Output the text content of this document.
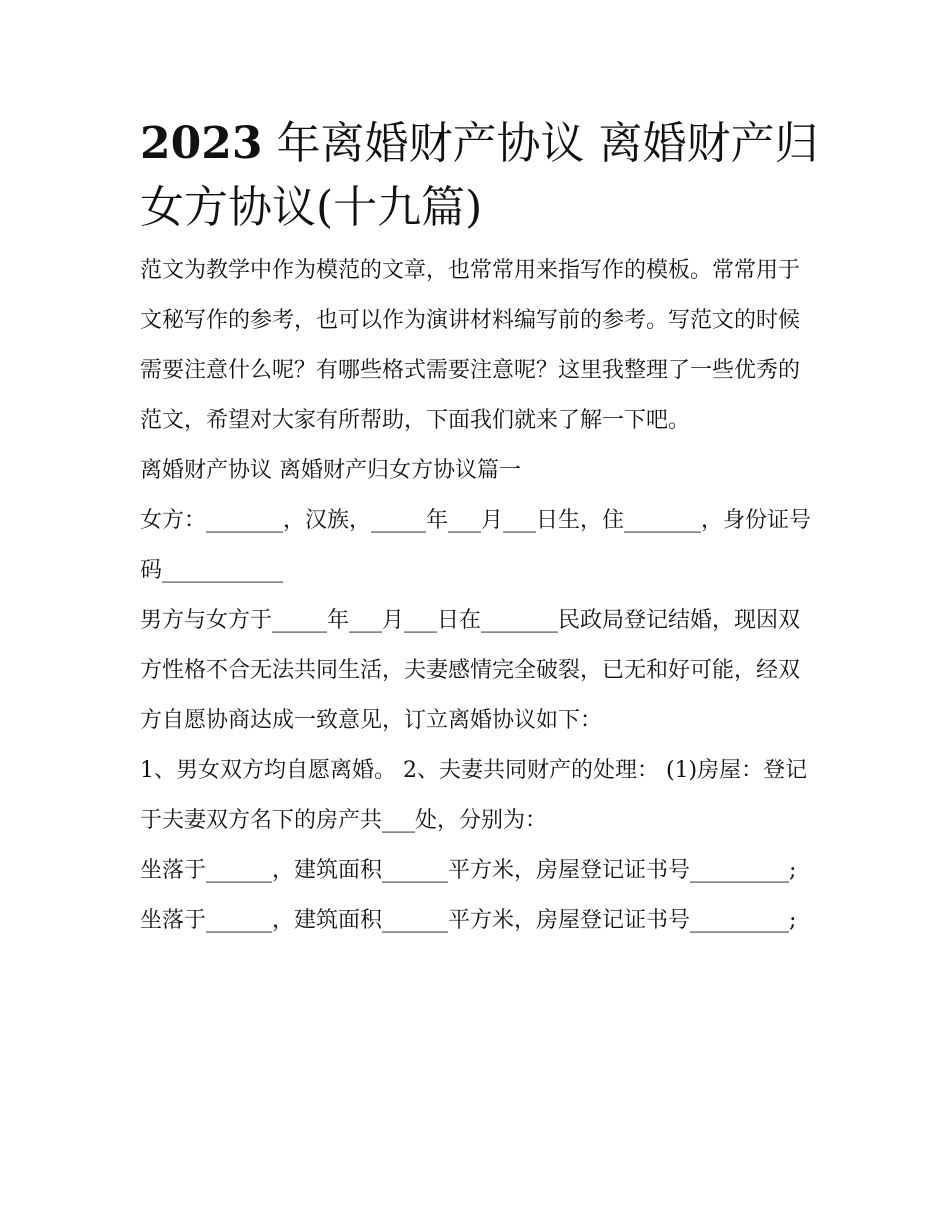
2023 年离婚财产协议 离婚财产归女方协议(十九篇)

范文为教学中作为模范的文章，也常常用来指写作的模板。常常用于文秘写作的参考，也可以作为演讲材料编写前的参考。写范文的时候需要注意什么呢？有哪些格式需要注意呢？这里我整理了一些优秀的范文，希望对大家有所帮助，下面我们就来了解一下吧。

离婚财产协议 离婚财产归女方协议篇一

女方：_______，汉族，_____年___月___日生，住_______，身份证号码___________

男方与女方于_____年___月___日在_______民政局登记结婚，现因双方性格不合无法共同生活，夫妻感情完全破裂，已无和好可能，经双方自愿协商达成一致意见，订立离婚协议如下：

1、男女双方均自愿离婚。 2、夫妻共同财产的处理： (1)房屋：登记于夫妻双方名下的房产共___处，分别为：

坐落于______，建筑面积______平方米，房屋登记证书号_________;

坐落于______，建筑面积______平方米，房屋登记证书号_________;
